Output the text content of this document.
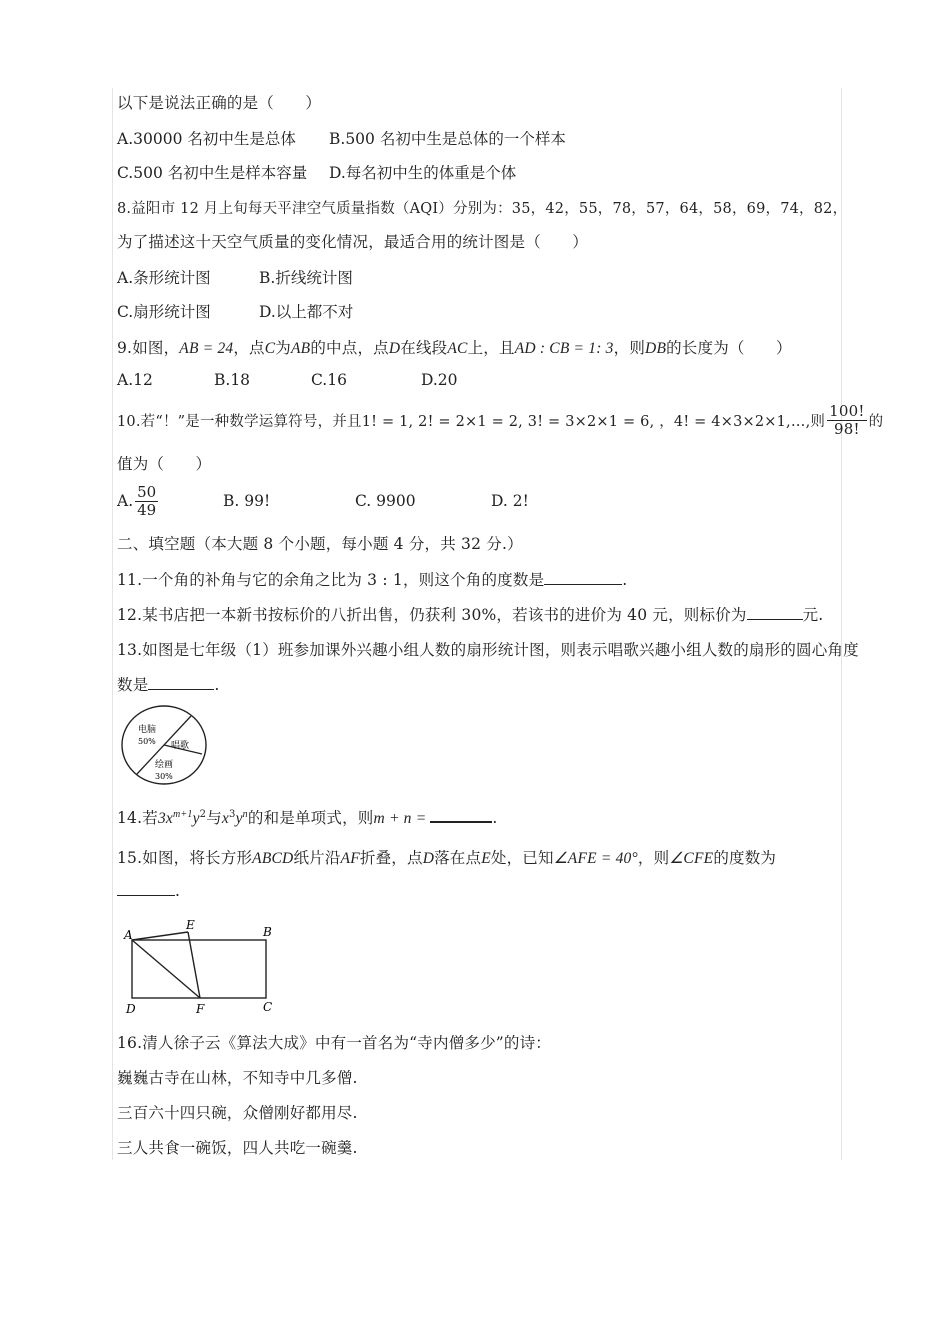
以下是说法正确的是（　　）
A.30000 名初中生是总体 B.500 名初中生是总体的一个样本
C.500 名初中生是样本容量 D.每名初中生的体重是个体
8.益阳市 12 月上旬每天平津空气质量指数（AQI）分别为：35，42，55，78，57，64，58，69，74，82，
为了描述这十天空气质量的变化情况，最适合用的统计图是（　　）
A.条形统计图	B.折线统计图
C.扇形统计图	D.以上都不对
9.如图，AB = 24，点C为AB的中点，点D在线段AC上，且AD : CB = 1: 3，则DB的长度为（　　）
A.12	B.18	C.16	D.20
10.若“！”是一种数学运算符号，并且 1! = 1, 2! = 2×1 = 2, 3! = 3×2×1 = 6, ，4! = 4×3×2×1,…, 则 $\frac{100!}{98!}$ 的
值为（　　）
A. $\frac{50}{49}$	B. 99!	C. 9900	D. 2!
二、填空题（本大题 8 个小题，每小题 4 分，共 32 分.）
11.一个角的补角与它的余角之比为 3 : 1，则这个角的度数是	.
12.某书店把一本新书按标价的八折出售，仍获利 30%，若该书的进价为 40 元，则标价为	元.
13.如图是七年级（1）班参加课外兴趣小组人数的扇形统计图，则表示唱歌兴趣小组人数的扇形的圆心角度
数是	.
电脑
50% 唱歌
绘画
30%
14.若$3x^{m+1}y^2$与$x^3y^n$的和是单项式，则m + n =	.
15.如图，将长方形ABCD纸片沿AF折叠，点D落在点E处，已知∠AFE = 40°，则∠CFE的度数为
.
A	B
C
D
E
F
16.清人徐子云《算法大成》中有一首名为“寺内僧多少”的诗：
巍巍古寺在山林，不知寺中几多僧.
三百六十四只碗，众僧刚好都用尽.
三人共食一碗饭，四人共吃一碗羹.
